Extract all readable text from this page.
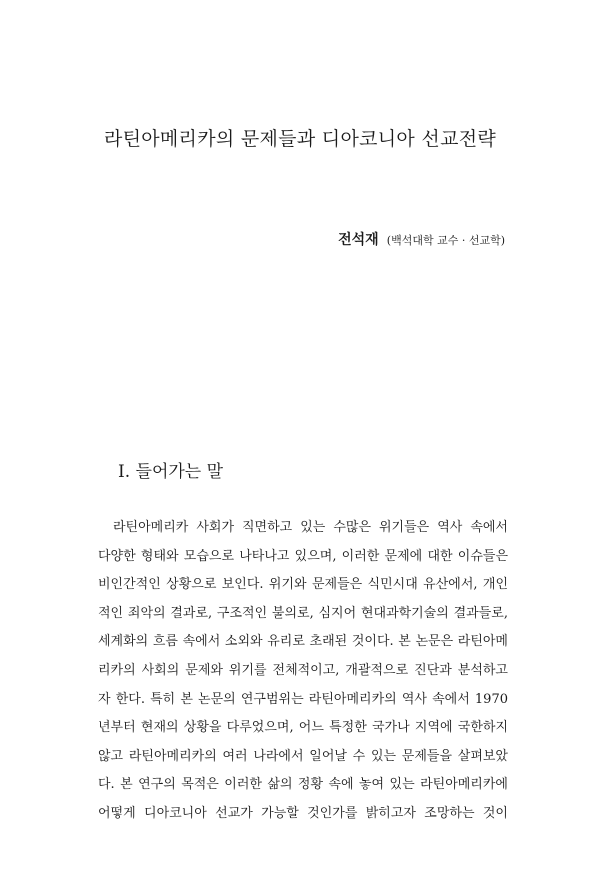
라틴아메리카의 문제들과 디아코니아 선교전략
전석재 (백석대학 교수 · 선교학)
I. 들어가는 말
라틴아메리카 사회가 직면하고 있는 수많은 위기들은 역사 속에서
다양한 형태와 모습으로 나타나고 있으며, 이러한 문제에 대한 이슈들은
비인간적인 상황으로 보인다. 위기와 문제들은 식민시대 유산에서, 개인
적인 죄악의 결과로, 구조적인 불의로, 심지어 현대과학기술의 결과들로,
세계화의 흐름 속에서 소외와 유리로 초래된 것이다. 본 논문은 라틴아메
리카의 사회의 문제와 위기를 전체적이고, 개괄적으로 진단과 분석하고
자 한다. 특히 본 논문의 연구범위는 라틴아메리카의 역사 속에서 1970
년부터 현재의 상황을 다루었으며, 어느 특정한 국가나 지역에 국한하지
않고 라틴아메리카의 여러 나라에서 일어날 수 있는 문제들을 살펴보았
다. 본 연구의 목적은 이러한 삶의 정황 속에 놓여 있는 라틴아메리카에
어떻게 디아코니아 선교가 가능할 것인가를 밝히고자 조망하는 것이
